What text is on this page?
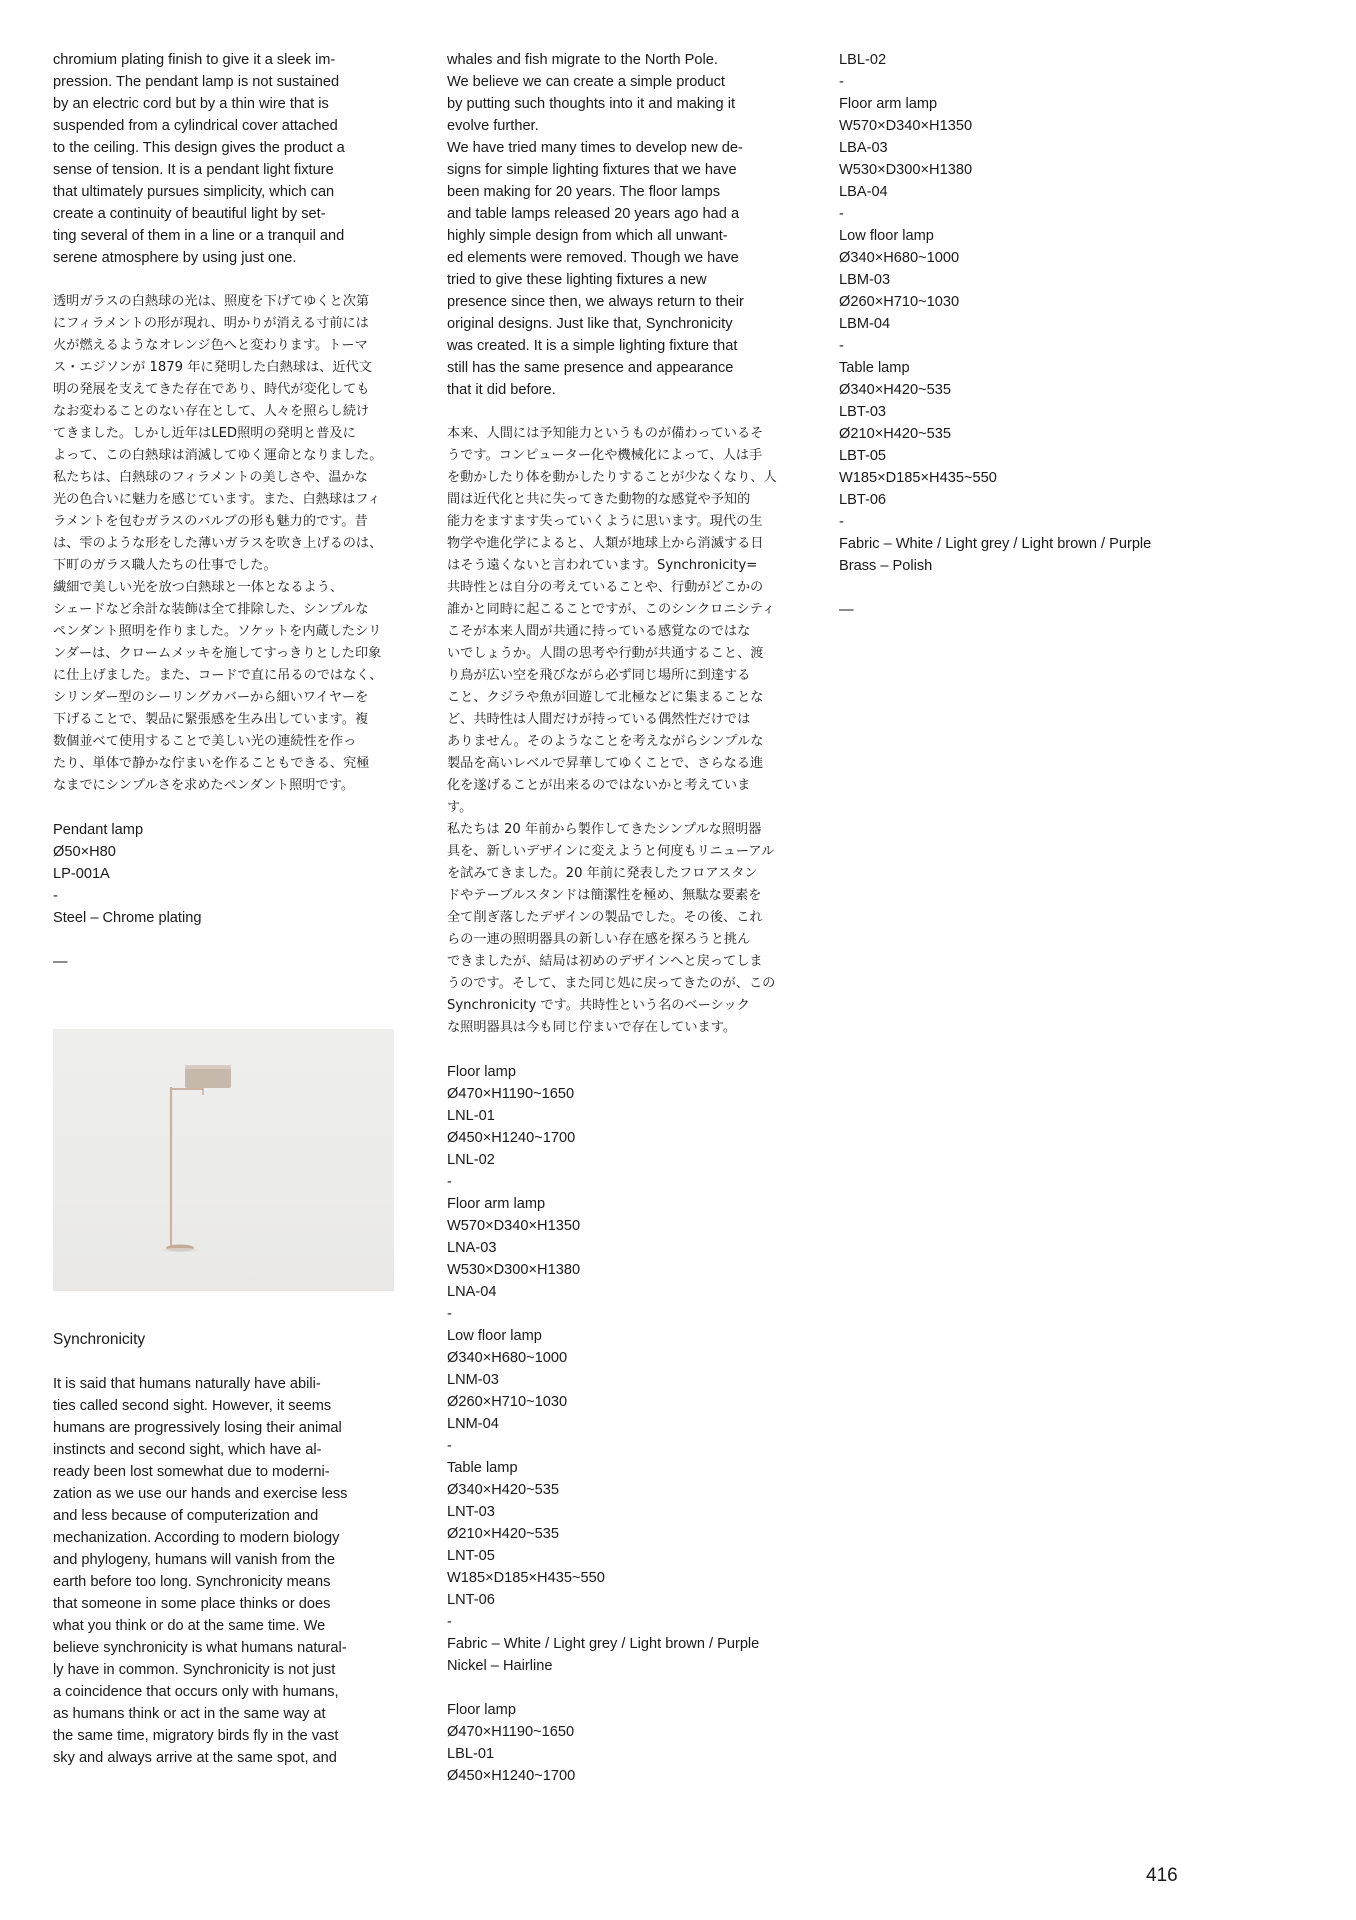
chromium plating finish to give it a sleek im-
pression. The pendant lamp is not sustained
by an electric cord but by a thin wire that is
suspended from a cylindrical cover attached
to the ceiling. This design gives the product a
sense of tension. It is a pendant light fixture
that ultimately pursues simplicity, which can
create a continuity of beautiful light by set-
ting several of them in a line or a tranquil and
serene atmosphere by using just one.

透明ガラスの白熱球の光は、照度を下げてゆくと次第
にフィラメントの形が現れ、明かりが消える寸前には
火が燃えるようなオレンジ色へと変わります。トーマ
ス・エジソンが 1879 年に発明した白熱球は、近代文
明の発展を支えてきた存在であり、時代が変化しても
なお変わることのない存在として、人々を照らし続け
てきました。しかし近年はLED照明の発明と普及に
よって、この白熱球は消滅してゆく運命となりました。
私たちは、白熱球のフィラメントの美しさや、温かな
光の色合いに魅力を感じています。また、白熱球はフィ
ラメントを包むガラスのバルブの形も魅力的です。昔
は、雫のような形をした薄いガラスを吹き上げるのは、
下町のガラス職人たちの仕事でした。
繊細で美しい光を放つ白熱球と一体となるよう、
シェードなど余計な装飾は全て排除した、シンプルな
ペンダント照明を作りました。ソケットを内蔵したシリ
ンダーは、クロームメッキを施してすっきりとした印象
に仕上げました。また、コードで直に吊るのではなく、
シリンダー型のシーリングカバーから細いワイヤーを
下げることで、製品に緊張感を生み出しています。複
数個並べて使用することで美しい光の連続性を作っ
たり、単体で静かな佇まいを作ることもできる、究極
なまでにシンプルさを求めたペンダント照明です。

Pendant lamp
Ø50×H80
LP-001A
-
Steel – Chrome plating

—
Synchronicity

It is said that humans naturally have abili-
ties called second sight. However, it seems
humans are progressively losing their animal
instincts and second sight, which have al-
ready been lost somewhat due to moderni-
zation as we use our hands and exercise less
and less because of computerization and
mechanization. According to modern biology
and phylogeny, humans will vanish from the
earth before too long. Synchronicity means
that someone in some place thinks or does
what you think or do at the same time. We
believe synchronicity is what humans natural-
ly have in common. Synchronicity is not just
a coincidence that occurs only with humans,
as humans think or act in the same way at
the same time, migratory birds fly in the vast
sky and always arrive at the same spot, and

whales and fish migrate to the North Pole.
We believe we can create a simple product
by putting such thoughts into it and making it
evolve further.
We have tried many times to develop new de-
signs for simple lighting fixtures that we have
been making for 20 years. The floor lamps
and table lamps released 20 years ago had a
highly simple design from which all unwant-
ed elements were removed. Though we have
tried to give these lighting fixtures a new
presence since then, we always return to their
original designs. Just like that, Synchronicity
was created. It is a simple lighting fixture that
still has the same presence and appearance
that it did before.

本来、人間には予知能力というものが備わっているそ
うです。コンピューター化や機械化によって、人は手
を動かしたり体を動かしたりすることが少なくなり、人
間は近代化と共に失ってきた動物的な感覚や予知的
能力をますます失っていくように思います。現代の生
物学や進化学によると、人類が地球上から消滅する日
はそう遠くないと言われています。Synchronicity=
共時性とは自分の考えていることや、行動がどこかの
誰かと同時に起こることですが、このシンクロニシティ
こそが本来人間が共通に持っている感覚なのではな
いでしょうか。人間の思考や行動が共通すること、渡
り鳥が広い空を飛びながら必ず同じ場所に到達する
こと、クジラや魚が回遊して北極などに集まることな
ど、共時性は人間だけが持っている偶然性だけでは
ありません。そのようなことを考えながらシンプルな
製品を高いレベルで昇華してゆくことで、さらなる進
化を遂げることが出来るのではないかと考えていま
す。
私たちは 20 年前から製作してきたシンプルな照明器
具を、新しいデザインに変えようと何度もリニューアル
を試みてきました。20 年前に発表したフロアスタン
ドやテーブルスタンドは簡潔性を極め、無駄な要素を
全て削ぎ落したデザインの製品でした。その後、これ
らの一連の照明器具の新しい存在感を探ろうと挑ん
できましたが、結局は初めのデザインへと戻ってしま
うのです。そして、また同じ処に戻ってきたのが、この
Synchronicity です。共時性という名のベーシック
な照明器具は今も同じ佇まいで存在しています。

Floor lamp
Ø470×H1190~1650
LNL-01
Ø450×H1240~1700
LNL-02
-
Floor arm lamp
W570×D340×H1350
LNA-03
W530×D300×H1380
LNA-04
-
Low floor lamp
Ø340×H680~1000
LNM-03
Ø260×H710~1030
LNM-04
-
Table lamp
Ø340×H420~535
LNT-03
Ø210×H420~535
LNT-05
W185×D185×H435~550
LNT-06
-
Fabric – White / Light grey / Light brown / Purple
Nickel – Hairline

Floor lamp
Ø470×H1190~1650
LBL-01
Ø450×H1240~1700

LBL-02
-
Floor arm lamp
W570×D340×H1350
LBA-03
W530×D300×H1380
LBA-04
-
Low floor lamp
Ø340×H680~1000
LBM-03
Ø260×H710~1030
LBM-04
-
Table lamp
Ø340×H420~535
LBT-03
Ø210×H420~535
LBT-05
W185×D185×H435~550
LBT-06
-
Fabric – White / Light grey / Light brown / Purple
Brass – Polish

—
416
